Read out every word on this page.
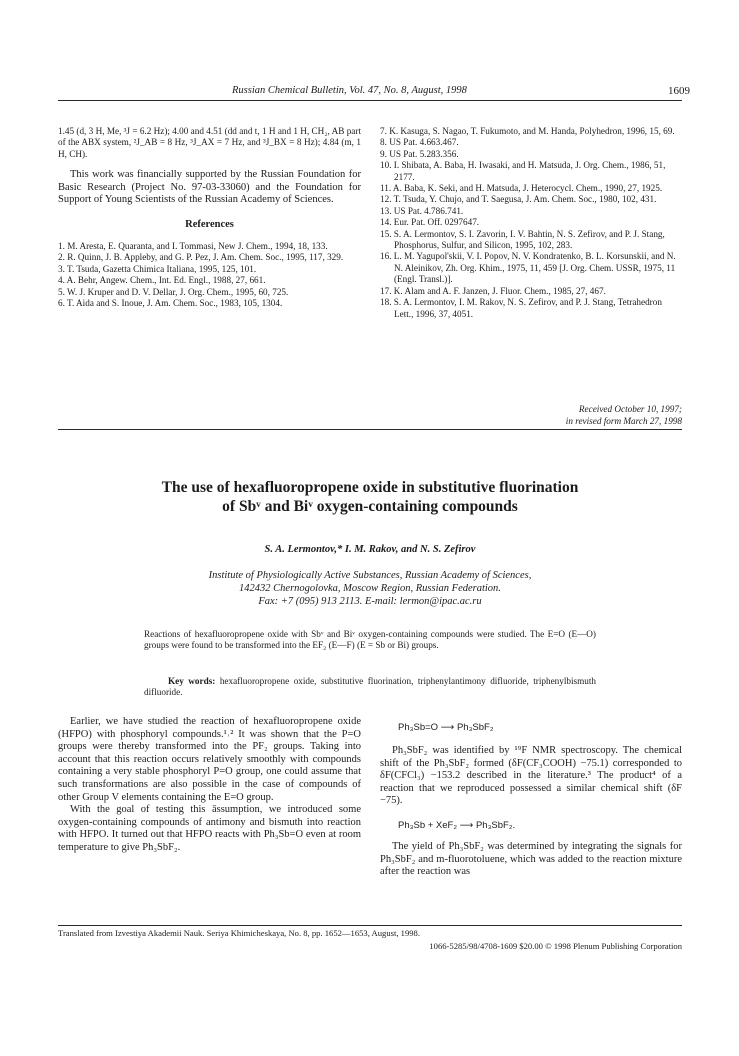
Russian Chemical Bulletin, Vol. 47, No. 8, August, 1998	1609

1.45 (d, 3 H, Me, ³J = 6.2 Hz); 4.00 and 4.51 (dd and t, 1 H and 1 H, CH₂, AB part of the ABX system, ²J_AB = 8 Hz, ³J_AX = 7 Hz, and ³J_BX = 8 Hz); 4.84 (m, 1 H, CH).

This work was financially supported by the Russian Foundation for Basic Research (Project No. 97-03-33060) and the Foundation for Support of Young Scientists of the Russian Academy of Sciences.

References

1. M. Aresta, E. Quaranta, and I. Tommasi, New J. Chem., 1994, 18, 133.

2. R. Quinn, J. B. Appleby, and G. P. Pez, J. Am. Chem. Soc., 1995, 117, 329.

3. T. Tsuda, Gazetta Chimica Italiana, 1995, 125, 101.

4. A. Behr, Angew. Chem., Int. Ed. Engl., 1988, 27, 661.

5. W. J. Kruper and D. V. Dellar, J. Org. Chem., 1995, 60, 725.

6. T. Aida and S. Inoue, J. Am. Chem. Soc., 1983, 105, 1304.

7. K. Kasuga, S. Nagao, T. Fukumoto, and M. Handa, Polyhedron, 1996, 15, 69.

8. US Pat. 4.663.467.

9. US Pat. 5.283.356.

10. I. Shibata, A. Baba, H. Iwasaki, and H. Matsuda, J. Org. Chem., 1986, 51, 2177.

11. A. Baba, K. Seki, and H. Matsuda, J. Heterocycl. Chem., 1990, 27, 1925.

12. T. Tsuda, Y. Chujo, and T. Saegusa, J. Am. Chem. Soc., 1980, 102, 431.

13. US Pat. 4.786.741.

14. Eur. Pat. Off. 0297647.

15. S. A. Lermontov, S. I. Zavorin, I. V. Bahtin, N. S. Zefirov, and P. J. Stang, Phosphorus, Sulfur, and Silicon, 1995, 102, 283.

16. L. M. Yagupol'skii, V. I. Popov, N. V. Kondratenko, B. L. Korsunskii, and N. N. Aleinikov, Zh. Org. Khim., 1975, 11, 459 [J. Org. Chem. USSR, 1975, 11 (Engl. Transl.)].

17. K. Alam and A. F. Janzen, J. Fluor. Chem., 1985, 27, 467.

18. S. A. Lermontov, I. M. Rakov, N. S. Zefirov, and P. J. Stang, Tetrahedron Lett., 1996, 37, 4051.

Received October 10, 1997;
in revised form March 27, 1998
The use of hexafluoropropene oxide in substitutive fluorination
of Sbᵛ and Biᵛ oxygen-containing compounds
S. A. Lermontov,* I. M. Rakov, and N. S. Zefirov
Institute of Physiologically Active Substances, Russian Academy of Sciences,
142432 Chernogolovka, Moscow Region, Russian Federation.
Fax: +7 (095) 913 2113. E-mail: lermon@ipac.ac.ru
Reactions of hexafluoropropene oxide with Sbᵛ and Biᵛ oxygen-containing compounds were studied. The E=O (E—O) groups were found to be transformed into the EF₂ (E—F) (E = Sb or Bi) groups.
Key words: hexafluoropropene oxide, substitutive fluorination, triphenylantimony difluoride, triphenylbismuth difluoride.

Earlier, we have studied the reaction of hexafluoropropene oxide (HFPO) with phosphoryl compounds.¹˒² It was shown that the P=O groups were thereby transformed into the PF₂ groups. Taking into account that this reaction occurs relatively smoothly with compounds containing a very stable phosphoryl P=O group, one could assume that such transformations are also possible in the case of compounds of other Group V elements containing the E=O group.

With the goal of testing this āssumption, we introduced some oxygen-containing compounds of antimony and bismuth into reaction with HFPO. It turned out that HFPO reacts with Ph₃Sb=O even at room temperature to give Ph₃SbF₂.

Ph₃Sb=O ⟶ Ph₃SbF₂

Ph₃SbF₂ was identified by ¹⁹F NMR spectroscopy. The chemical shift of the Ph₃SbF₂ formed (δF(CF₃COOH) −75.1) corresponded to δF(CFCl₃) −153.2 described in the literature.³ The product⁴ of a reaction that we reproduced possessed a similar chemical shift (δF −75).

Ph₃Sb + XeF₂ ⟶ Ph₃SbF₂.

The yield of Ph₃SbF₂ was determined by integrating the signals for Ph₃SbF₂ and m-fluorotoluene, which was added to the reaction mixture after the reaction was

Translated from Izvestiya Akademii Nauk. Seriya Khimicheskaya, No. 8, pp. 1652—1653, August, 1998.
1066-5285/98/4708-1609 $20.00 © 1998 Plenum Publishing Corporation
